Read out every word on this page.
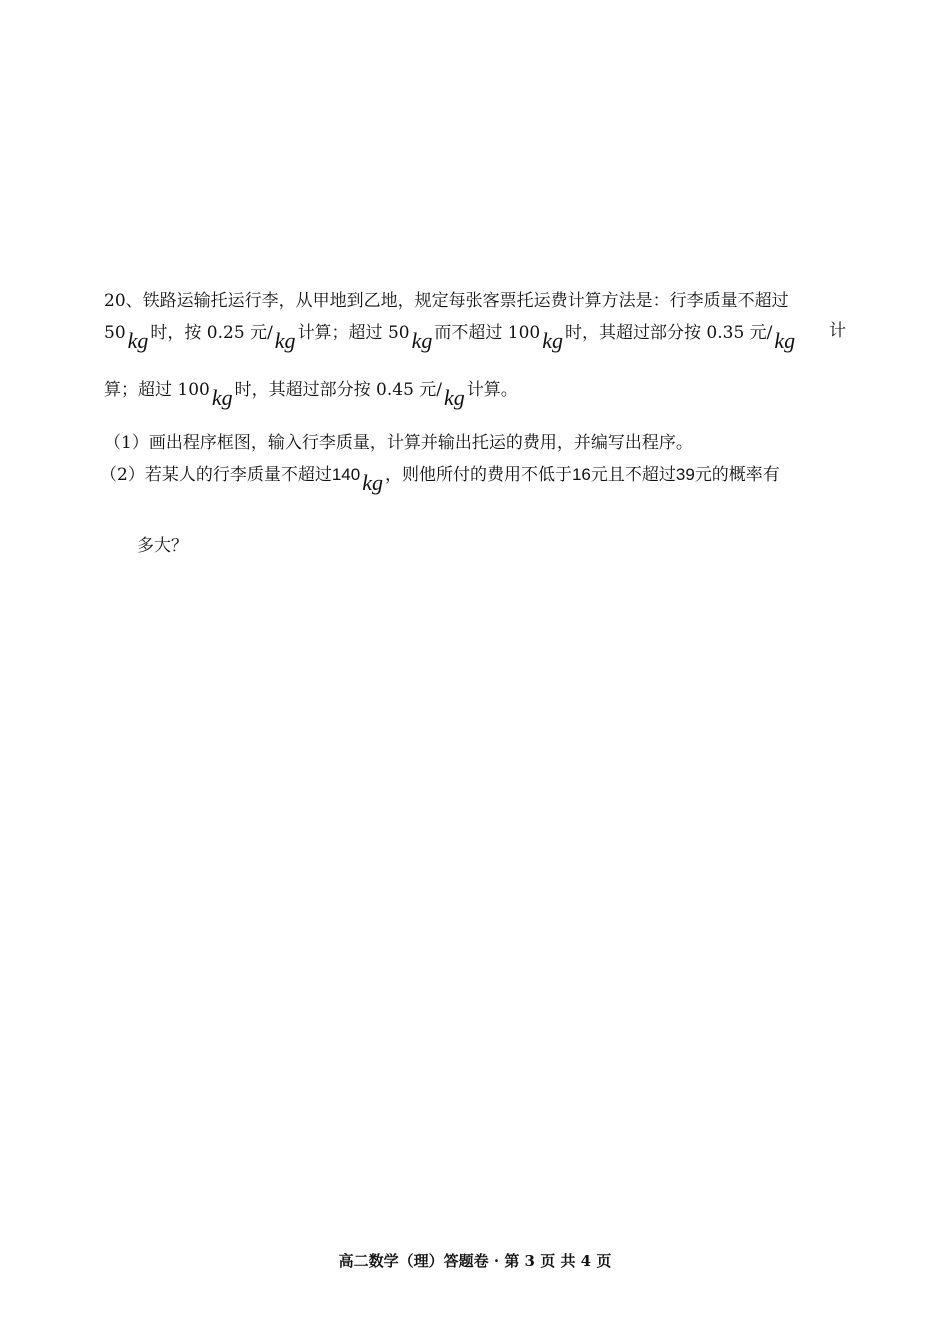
20、铁路运输托运行李，从甲地到乙地，规定每张客票托运费计算方法是：行李质量不超过
50kg 时，按 0.25 元/kg 计算；超过 50kg 而不超过 100kg 时，其超过部分按 0.35 元/kg 计
算；超过 100kg 时，其超过部分按 0.45 元/kg 计算。
（1）画出程序框图，输入行李质量，计算并输出托运的费用，并编写出程序。
（2）若某人的行李质量不超过140kg ，则他所付的费用不低于16元且不超过39元的概率有
多大？
高二数学（理）答题卷 · 第 3 页 共 4 页
